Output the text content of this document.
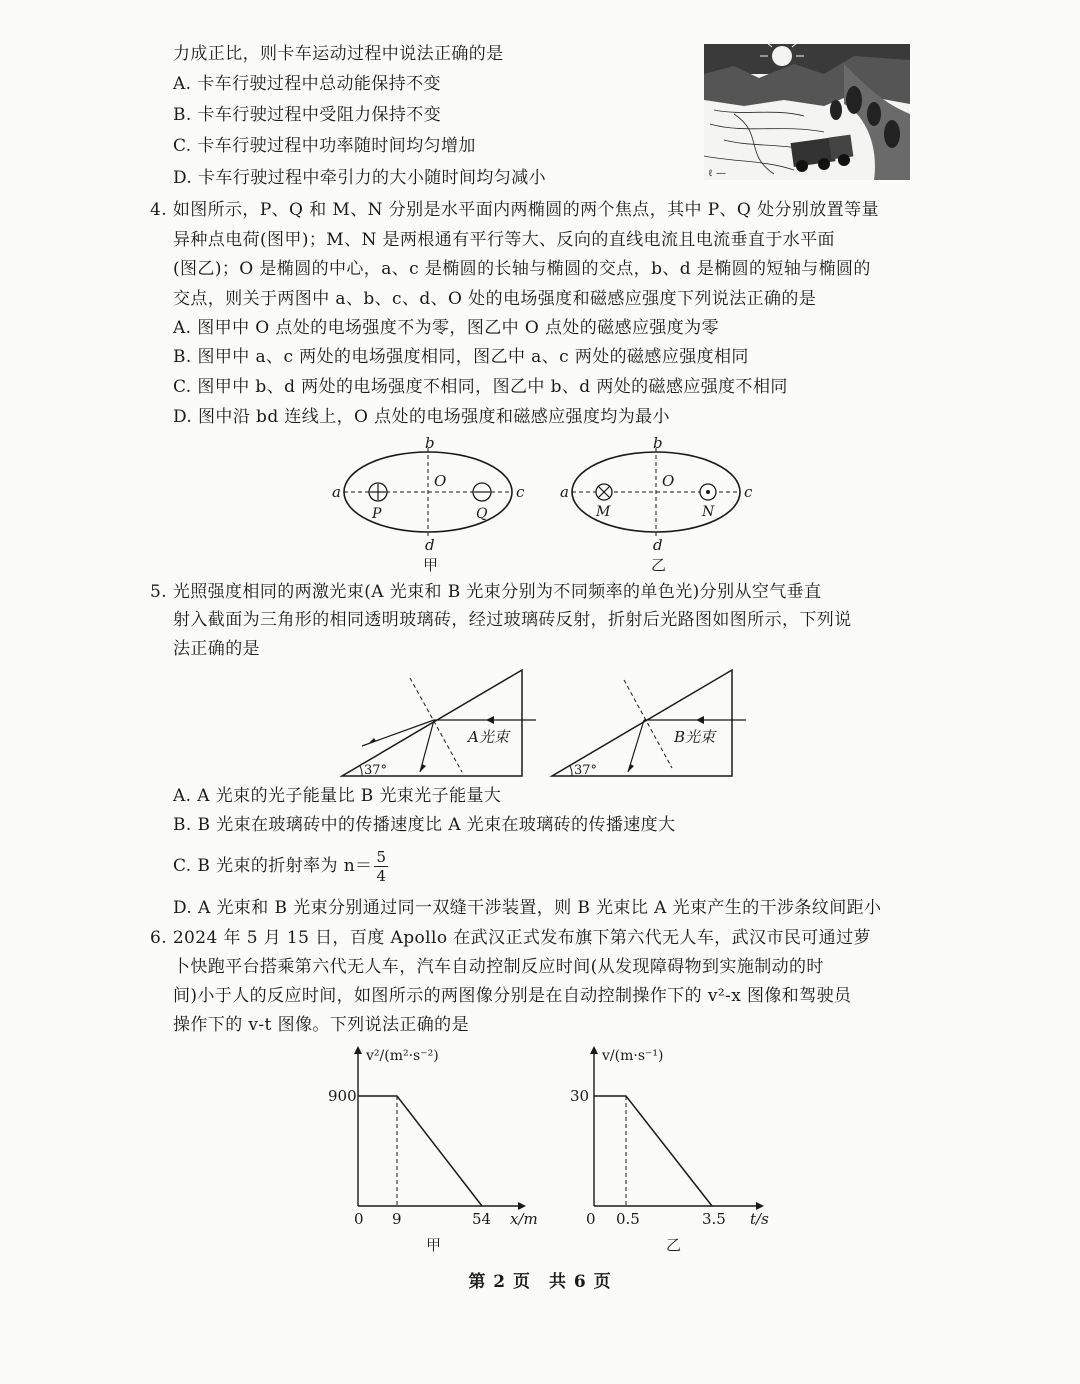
力成正比，则卡车运动过程中说法正确的是
A. 卡车行驶过程中总动能保持不变
B. 卡车行驶过程中受阻力保持不变
C. 卡车行驶过程中功率随时间均匀增加
D. 卡车行驶过程中牵引力的大小随时间均匀减小	ℓ —
4. 如图所示，P、Q 和 M、N 分别是水平面内两椭圆的两个焦点，其中 P、Q 处分别放置等量
异种点电荷(图甲)；M、N 是两根通有平行等大、反向的直线电流且电流垂直于水平面
(图乙)；O 是椭圆的中心，a、c 是椭圆的长轴与椭圆的交点，b、d 是椭圆的短轴与椭圆的
交点，则关于两图中 a、b、c、d、O 处的电场强度和磁感应强度下列说法正确的是
A. 图甲中 O 点处的电场强度不为零，图乙中 O 点处的磁感应强度为零
B. 图甲中 a、c 两处的电场强度相同，图乙中 a、c 两处的磁感应强度相同
C. 图甲中 b、d 两处的电场强度不相同，图乙中 b、d 两处的磁感应强度不相同
D. 图中沿 bd 连线上，O 点处的电场强度和磁感应强度均为最小
a	c
b
d
O
P	Q
甲
a	c
b
d
O
M	N
乙
5. 光照强度相同的两激光束(A 光束和 B 光束分别为不同频率的单色光)分别从空气垂直
射入截面为三角形的相同透明玻璃砖，经过玻璃砖反射，折射后光路图如图所示，下列说
法正确的是
37°
A光束
37°
B光束
A. A 光束的光子能量比 B 光束光子能量大
B. B 光束在玻璃砖中的传播速度比 A 光束在玻璃砖的传播速度大
C. B 光束的折射率为 $n= \frac{5}{4}$
D. A 光束和 B 光束分别通过同一双缝干涉装置，则 B 光束比 A 光束产生的干涉条纹间距小
6. 2024 年 5 月 15 日，百度 Apollo 在武汉正式发布旗下第六代无人车，武汉市民可通过萝
卜快跑平台搭乘第六代无人车，汽车自动控制反应时间(从发现障碍物到实施制动的时
间)小于人的反应时间，如图所示的两图像分别是在自动控制操作下的 v²-x 图像和驾驶员
操作下的 v-t 图像。下列说法正确的是
v²/(m²·s⁻²)
900
0 9	54 x/m
甲
v/(m·s⁻¹)
30
0 0.5	3.5 t/s
乙
第 2 页　共 6 页
